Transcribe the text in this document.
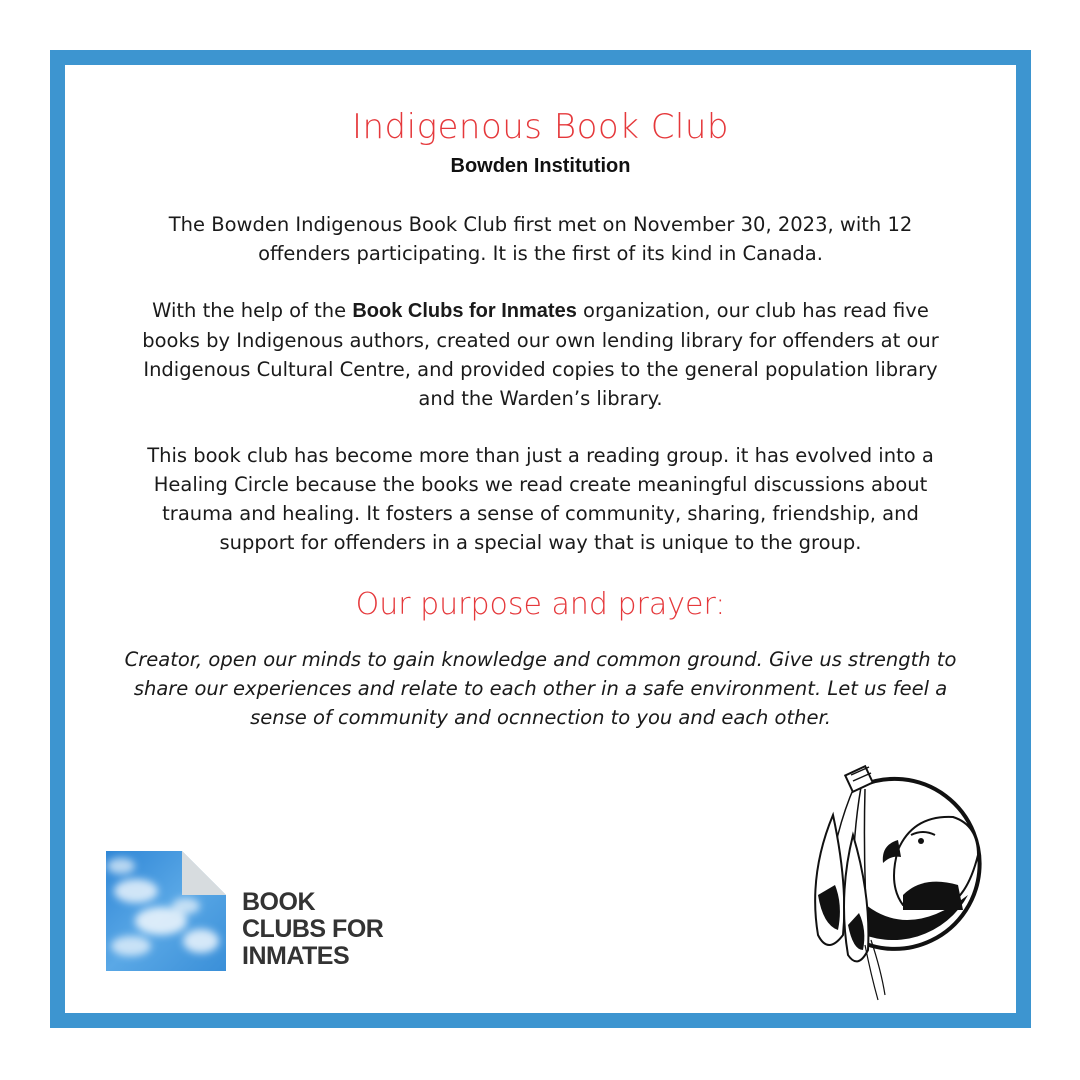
Indigenous Book Club
Bowden Institution

The Bowden Indigenous Book Club first met on November 30, 2023, with 12
offenders participating. It is the first of its kind in Canada.

With the help of the Book Clubs for Inmates organization, our club has read five
books by Indigenous authors, created our own lending library for offenders at our
Indigenous Cultural Centre, and provided copies to the general population library
and the Warden’s library.

This book club has become more than just a reading group. it has evolved into a
Healing Circle because the books we read create meaningful discussions about
trauma and healing. It fosters a sense of community, sharing, friendship, and
support for offenders in a special way that is unique to the group.

Our purpose and prayer:

Creator, open our minds to gain knowledge and common ground. Give us strength to
share our experiences and relate to each other in a safe environment. Let us feel a
sense of community and ocnnection to you and each other.

BOOK
CLUBS FOR
INMATES
